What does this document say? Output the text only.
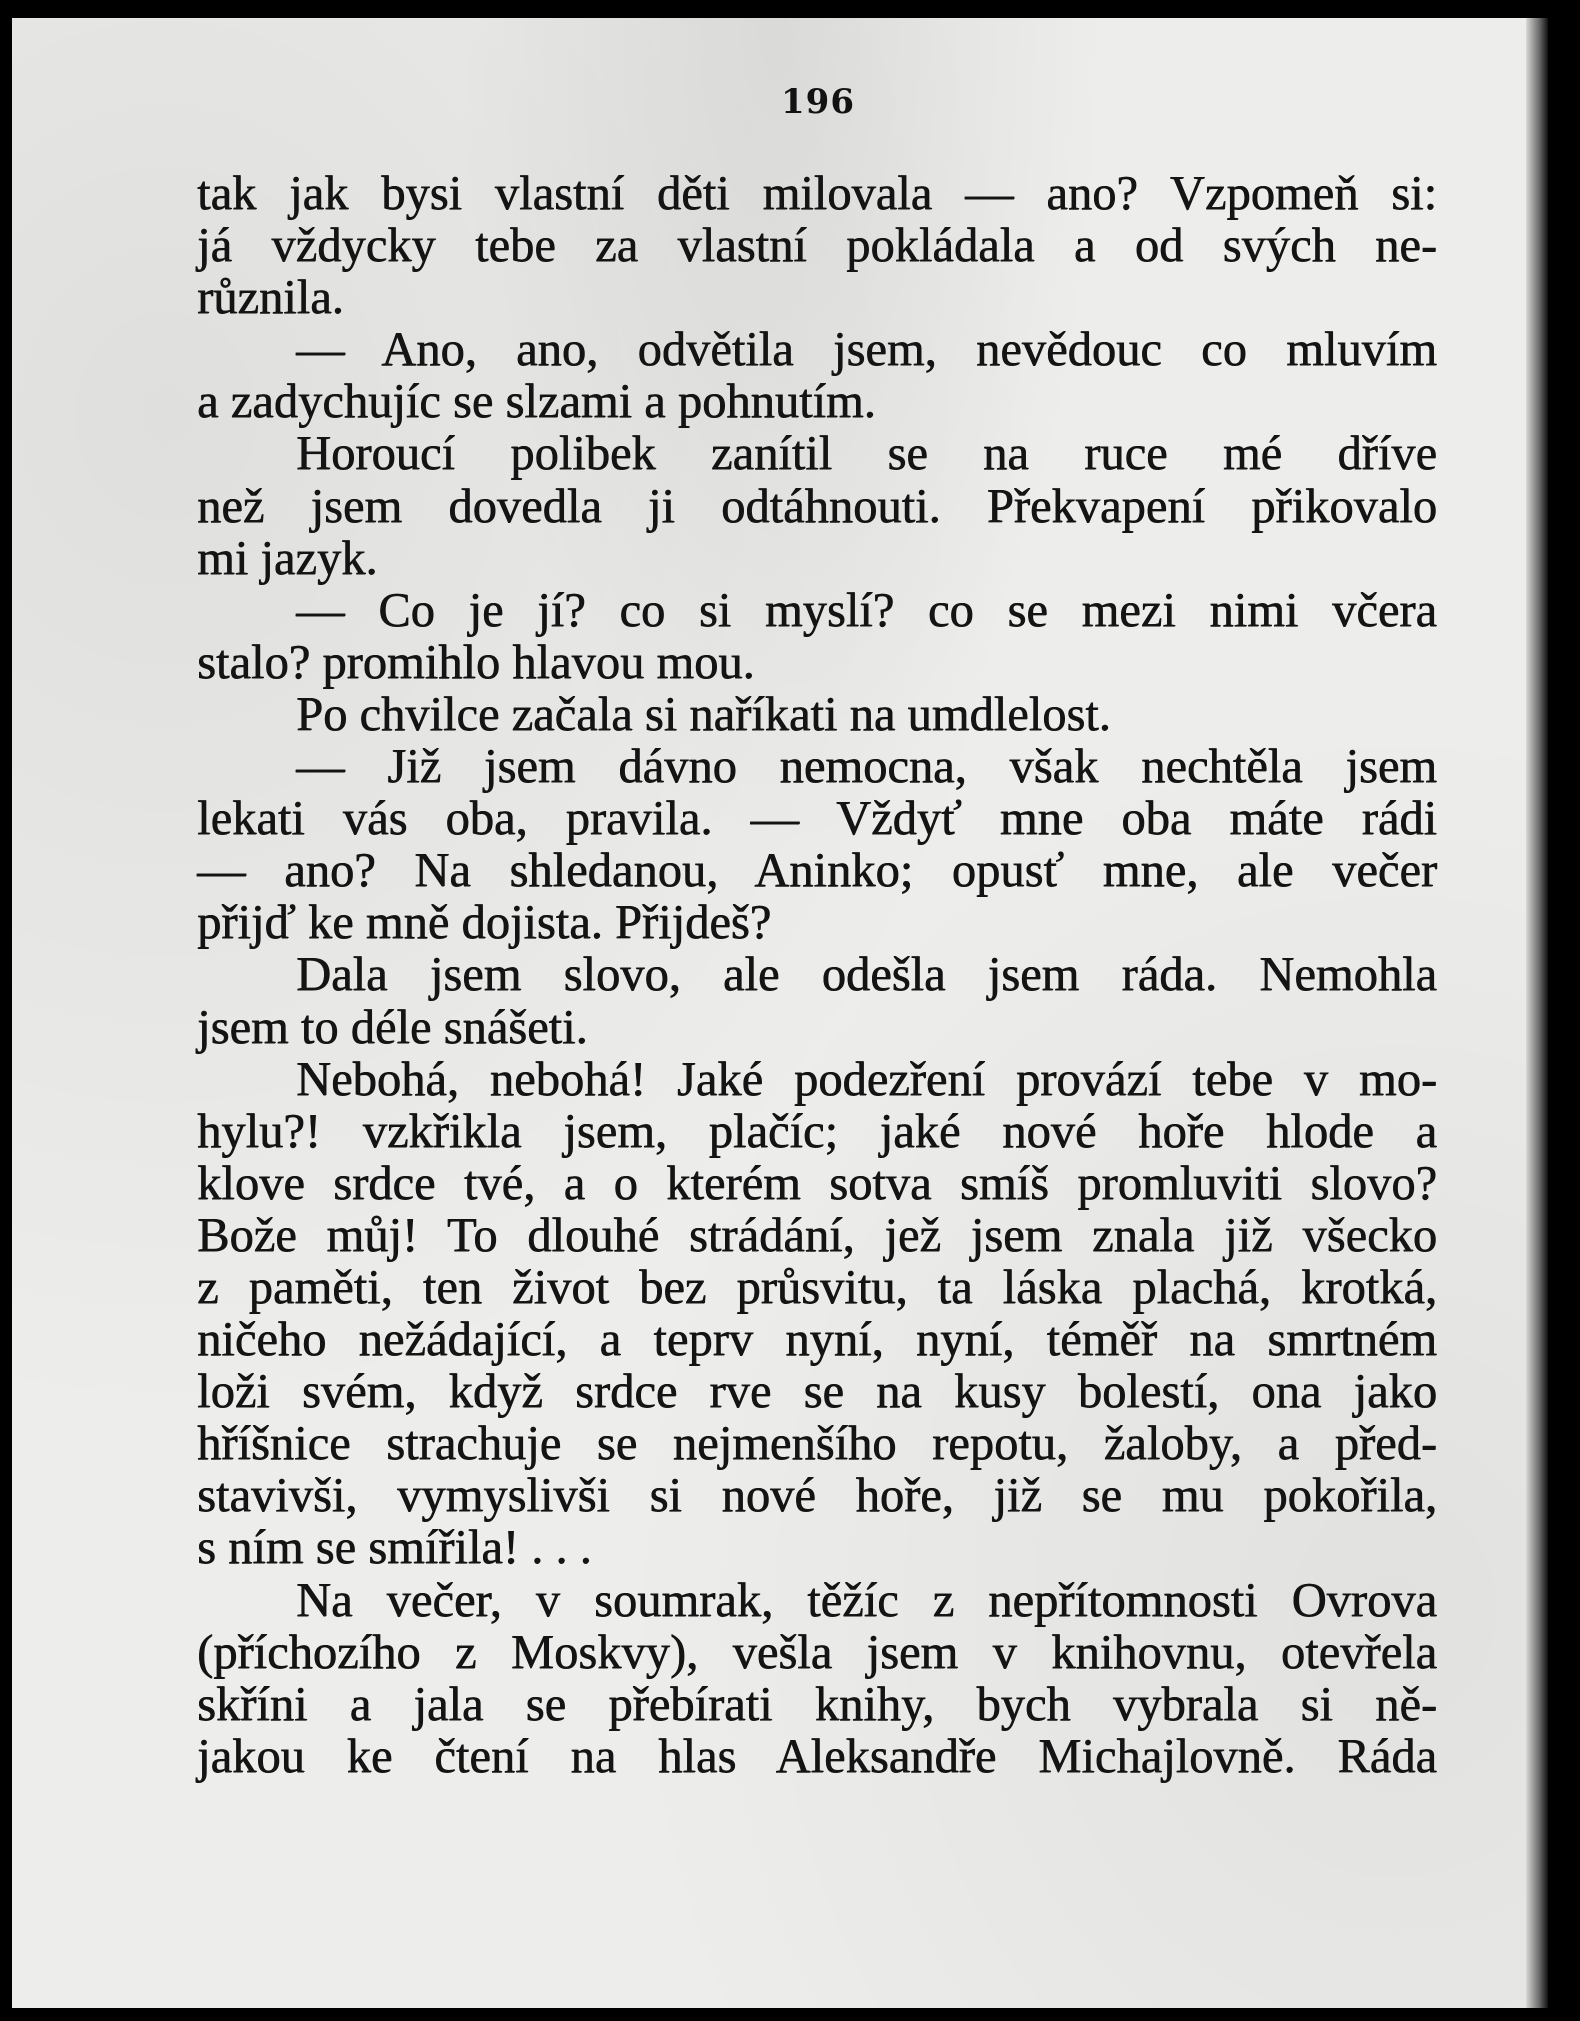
196
tak jak bysi vlastní děti milovala — ano? Vzpomeň si:
já vždycky tebe za vlastní pokládala a od svých ne-
různila.
— Ano, ano, odvětila jsem, nevědouc co mluvím
a zadychujíc se slzami a pohnutím.
Horoucí polibek zanítil se na ruce mé dříve
než jsem dovedla ji odtáhnouti. Překvapení přikovalo
mi jazyk.
— Co je jí? co si myslí? co se mezi nimi včera
stalo? promihlo hlavou mou.
Po chvilce začala si naříkati na umdlelost.
— Již jsem dávno nemocna, však nechtěla jsem
lekati vás oba, pravila. — Vždyť mne oba máte rádi
— ano? Na shledanou, Aninko; opusť mne, ale večer
přijď ke mně dojista. Přijdeš?
Dala jsem slovo, ale odešla jsem ráda. Nemohla
jsem to déle snášeti.
Nebohá, nebohá! Jaké podezření provází tebe v mo-
hylu?! vzkřikla jsem, plačíc; jaké nové hoře hlode a
klove srdce tvé, a o kterém sotva smíš promluviti slovo?
Bože můj! To dlouhé strádání, jež jsem znala již všecko
z paměti, ten život bez průsvitu, ta láska plachá, krotká,
ničeho nežádající, a teprv nyní, nyní, téměř na smrtném
loži svém, když srdce rve se na kusy bolestí, ona jako
hříšnice strachuje se nejmenšího repotu, žaloby, a před-
stavivši, vymyslivši si nové hoře, již se mu pokořila,
s ním se smířila! . . .
Na večer, v soumrak, těžíc z nepřítomnosti Ovrova
(příchozího z Moskvy), vešla jsem v knihovnu, otevřela
skříni a jala se přebírati knihy, bych vybrala si ně-
jakou ke čtení na hlas Aleksandře Michajlovně. Ráda
